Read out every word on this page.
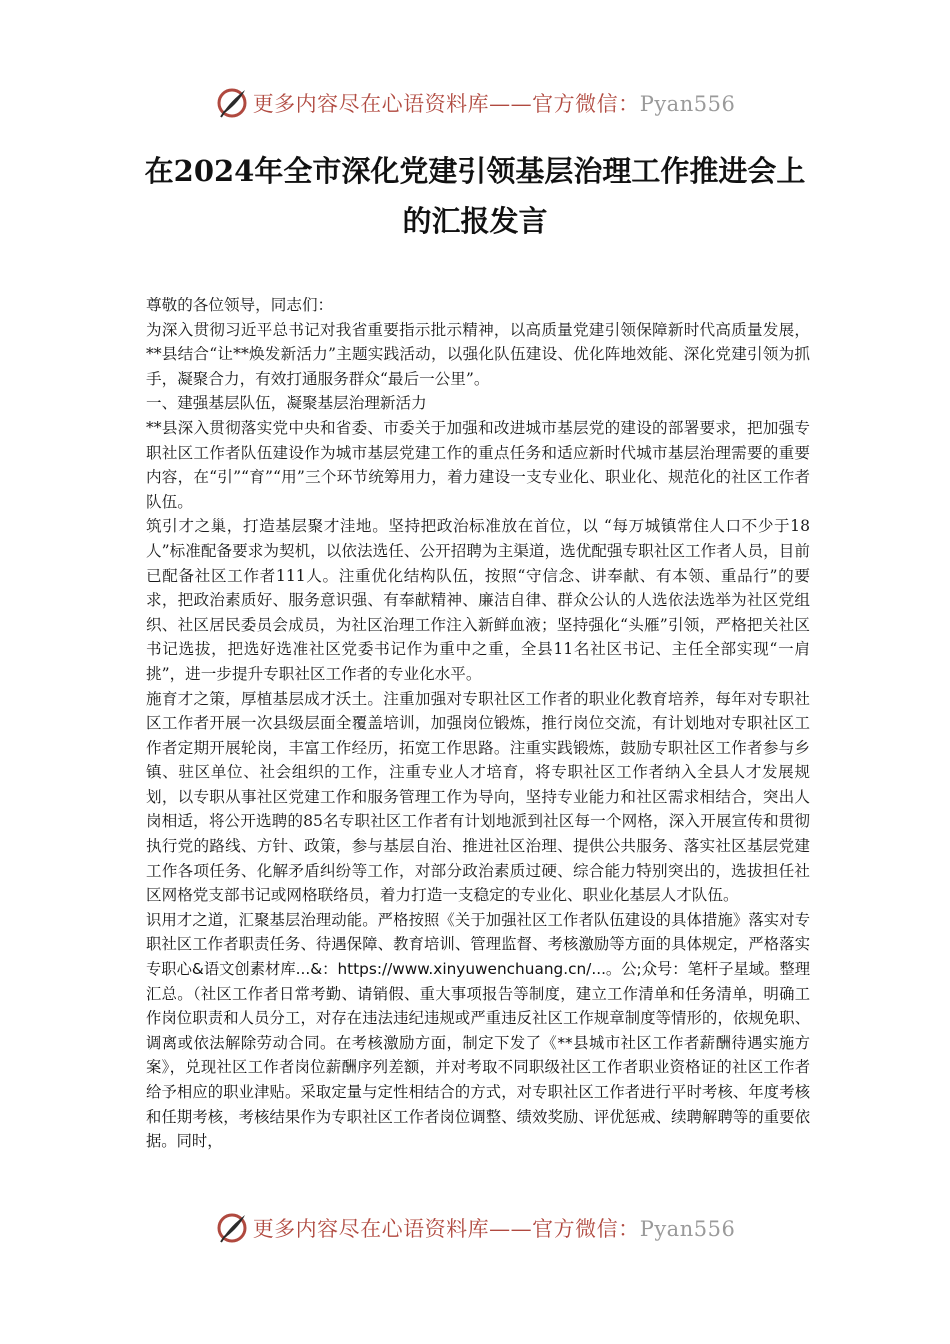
更多内容尽在心语资料库——官方微信：Pyan556
在2024年全市深化党建引领基层治理工作推进会上
的汇报发言

尊敬的各位领导，同志们：

为深入贯彻习近平总书记对我省重要指示批示精神，以高质量党建引领保障新时代高质量发展，**县结合“让**焕发新活力”主题实践活动，以强化队伍建设、优化阵地效能、深化党建引领为抓手，凝聚合力，有效打通服务群众“最后一公里”。

一、建强基层队伍，凝聚基层治理新活力

**县深入贯彻落实党中央和省委、市委关于加强和改进城市基层党的建设的部署要求，把加强专职社区工作者队伍建设作为城市基层党建工作的重点任务和适应新时代城市基层治理需要的重要内容，在“引”“育”“用”三个环节统筹用力，着力建设一支专业化、职业化、规范化的社区工作者队伍。

筑引才之巢，打造基层聚才洼地。坚持把政治标准放在首位，以 “每万城镇常住人口不少于18人”标准配备要求为契机，以依法选任、公开招聘为主渠道，选优配强专职社区工作者人员，目前已配备社区工作者111人。注重优化结构队伍，按照“守信念、讲奉献、有本领、重品行”的要求，把政治素质好、服务意识强、有奉献精神、廉洁自律、群众公认的人选依法选举为社区党组织、社区居民委员会成员，为社区治理工作注入新鲜血液；坚持强化“头雁”引领，严格把关社区书记选拔，把选好选准社区党委书记作为重中之重，全县11名社区书记、主任全部实现“一肩挑”，进一步提升专职社区工作者的专业化水平。

施育才之策，厚植基层成才沃土。注重加强对专职社区工作者的职业化教育培养，每年对专职社区工作者开展一次县级层面全覆盖培训，加强岗位锻炼，推行岗位交流，有计划地对专职社区工作者定期开展轮岗，丰富工作经历，拓宽工作思路。注重实践锻炼，鼓励专职社区工作者参与乡镇、驻区单位、社会组织的工作，注重专业人才培育，将专职社区工作者纳入全县人才发展规划，以专职从事社区党建工作和服务管理工作为导向，坚持专业能力和社区需求相结合，突出人岗相适，将公开选聘的85名专职社区工作者有计划地派到社区每一个网格，深入开展宣传和贯彻执行党的路线、方针、政策，参与基层自治、推进社区治理、提供公共服务、落实社区基层党建工作各项任务、化解矛盾纠纷等工作，对部分政治素质过硬、综合能力特别突出的，选拔担任社区网格党支部书记或网格联络员，着力打造一支稳定的专业化、职业化基层人才队伍。

识用才之道，汇聚基层治理动能。严格按照《关于加强社区工作者队伍建设的具体措施》落实对专职社区工作者职责任务、待遇保障、教育培训、管理监督、考核激励等方面的具体规定，严格落实专职心&语文创素材库...&：https://www.xinyuwenchuang.cn/...。公;众号：笔杆子星域。整理汇总。（社区工作者日常考勤、请销假、重大事项报告等制度，建立工作清单和任务清单，明确工作岗位职责和人员分工，对存在违法违纪违规或严重违反社区工作规章制度等情形的，依规免职、调离或依法解除劳动合同。在考核激励方面，制定下发了《**县城市社区工作者薪酬待遇实施方案》，兑现社区工作者岗位薪酬序列差额，并对考取不同职级社区工作者职业资格证的社区工作者给予相应的职业津贴。采取定量与定性相结合的方式，对专职社区工作者进行平时考核、年度考核和任期考核，考核结果作为专职社区工作者岗位调整、绩效奖励、评优惩戒、续聘解聘等的重要依据。同时，

更多内容尽在心语资料库——官方微信：Pyan556
